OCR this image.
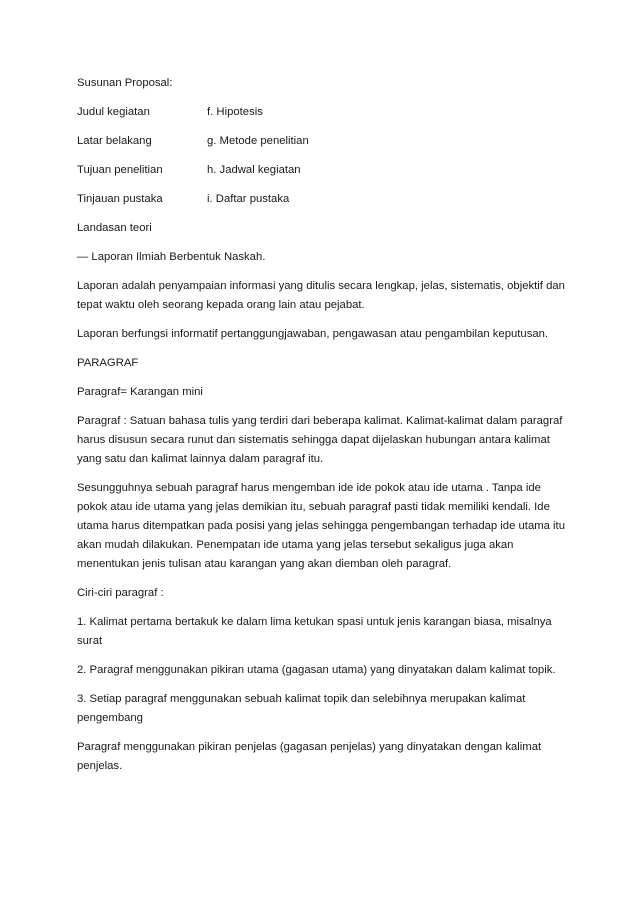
Susunan Proposal:

Judul kegiatan	f. Hipotesis
Latar belakang	g. Metode penelitian
Tujuan penelitian	h. Jadwal kegiatan
Tinjauan pustaka	i. Daftar pustaka

Landasan teori

— Laporan Ilmiah Berbentuk Naskah.

Laporan adalah penyampaian informasi yang ditulis secara lengkap, jelas, sistematis, objektif dan tepat waktu oleh seorang kepada orang lain atau pejabat.

Laporan berfungsi informatif pertanggungjawaban, pengawasan atau pengambilan keputusan.

PARAGRAF

Paragraf= Karangan mini

Paragraf : Satuan bahasa tulis yang terdiri dari beberapa kalimat. Kalimat-kalimat dalam paragraf harus disusun secara runut dan sistematis sehingga dapat dijelaskan hubungan antara kalimat yang satu dan kalimat lainnya dalam paragraf itu.

Sesungguhnya sebuah paragraf harus mengemban ide ide pokok atau ide utama . Tanpa ide pokok atau ide utama yang jelas demikian itu, sebuah paragraf pasti tidak memiliki kendali. Ide utama harus ditempatkan pada posisi yang jelas sehingga pengembangan terhadap ide utama itu akan mudah dilakukan. Penempatan ide utama yang jelas tersebut sekaligus juga akan menentukan jenis tulisan atau karangan yang akan diemban oleh paragraf.

Ciri-ciri paragraf :

1. Kalimat pertama bertakuk ke dalam lima ketukan spasi untuk jenis karangan biasa, misalnya surat

2. Paragraf menggunakan pikiran utama (gagasan utama) yang dinyatakan dalam kalimat topik.

3. Setiap paragraf menggunakan sebuah kalimat topik dan selebihnya merupakan kalimat pengembang

Paragraf menggunakan pikiran penjelas (gagasan penjelas) yang dinyatakan dengan kalimat penjelas.
